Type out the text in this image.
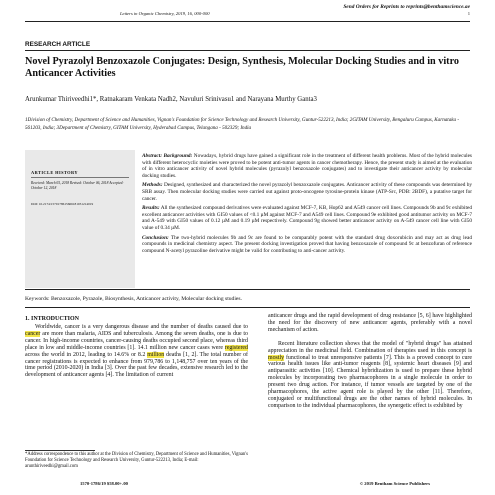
Send Orders for Reprints to reprints@benthamscience.ae
Letters in Organic Chemistry, 2019, 16, 000-000	1
RESEARCH ARTICLE
Novel Pyrazolyl Benzoxazole Conjugates: Design, Synthesis, Molecular Docking Studies and in vitro Anticancer Activities
Arunkumar Thiriveedhi1*, Ratnakaram Venkata Nadh2, Navuluri Srinivasu1 and Narayana Murthy Ganta3
1Division of Chemistry, Department of Science and Humanities, Vignan's Foundation for Science Technology and Research University, Guntur-522213, India; 2GITAM University, Bengaluru Campus, Karnataka - 561203, India; 3Department of Chemistry, GITAM University, Hyderabad Campus, Telangana - 502329; India
ARTICLE HISTORY
Received: March 05, 2018 Revised: October 06, 2018 Accepted: October 12, 2018
DOI: 10.2174/1570178615666181031214019

Abstract: Background: Nowadays, hybrid drugs have gained a significant role in the treatment of different health problems. Most of the hybrid molecules with different heterocyclic moieties were proved to be potent anti-tumor agents in cancer chemotherapy. Hence, the present study is aimed at the evaluation of in vitro anticancer activity of novel hybrid molecules (pyrazolyl benzoxazole conjugates) and to investigate their anticancer activity by molecular docking studies.

Methods: Designed, synthesized and characterized the novel pyrazolyl benzoxazole conjugates. Anticancer activity of these compounds was determined by SRB assay. Then molecular docking studies were carried out against proto-oncogene tyrosine-protein kinase (ATP-Src, PDB: 2BDF), a putative target for cancer.

Results: All the synthesized compound derivatives were evaluated against MCF-7, KB, Hop62 and A549 cancer cell lines. Compounds 9b and 9c exhibited excellent anticancer activities with GI50 values of <0.1 µM against MCF-7 and A549 cell lines. Compound 9e exhibited good antitumor activity on MCF-7 and A-549 with GI50 values of 0.12 µM and 0.19 µM respectively. Compound 9g showed better anticancer activity on A-549 cancer cell line with GI50 value of 0.34 µM.

Conclusion: The two-hybrid molecules 9b and 9c are found to be comparably potent with the standard drug doxorubicin and may act as drug lead compounds in medicinal chemistry aspect. The present docking investigation proved that having benzoxazole of compound 9c at benzofuran of reference compound N-acetyl pyrazoline derivative might be valid for contributing to anti-cancer activity.

Keywords: Benzoxazole, Pyrazole, Biosynthesis, Anticancer activity, Molecular docking studies.
1. INTRODUCTION

Worldwide, cancer is a very dangerous disease and the number of deaths caused due to cancer are more than malaria, AIDS and tuberculosis. Among the seven deaths, one is due to cancer. In high-income countries, cancer-causing deaths occupied second place, whereas third place in low and middle-income countries [1]. 14.1 million new cancer cases were registered across the world in 2012, leading to 14.6% or 8.2 million deaths [1, 2]. The total number of cancer registrations is expected to enhance from 979,786 to 1,148,757 over ten years of the time period (2010-2020) in India [3]. Over the past few decades, extensive research led to the development of anticancer agents [4]. The limitation of current

anticancer drugs and the rapid development of drug resistance [5, 6] have highlighted the need for the discovery of new anticancer agents, preferably with a novel mechanism of action.

Recent literature collection shows that the model of "hybrid drugs" has attained appreciation in the medicinal field. Combination of therapies used in this concept is mostly functional to treat unresponsive patients [7]. This is a proved concept to cure various health issues like anti-tumor reagents [8], systemic heart diseases [9] and antiparasitic activities [10]. Chemical hybridization is used to prepare these hybrid molecules by incorporating two pharmacophores in a single molecule in order to present two drug action. For instance, if tumor vessels are targeted by one of the pharmacophores, the active agent role is played by the other [11]. Therefore, conjugated or multifunctional drugs are the other names of hybrid molecules. In comparison to the individual pharmacophores, the synergetic effect is exhibited by

*Address correspondence to this author at the Division of Chemistry, Department of Science and Humanities, Vignan's Foundation for Science Technology and Research University, Guntur-522213, India; E-mail: arunthiriveedhi@gmail.com
1570-1786/19 $58.00+.00	© 2019 Bentham Science Publishers
